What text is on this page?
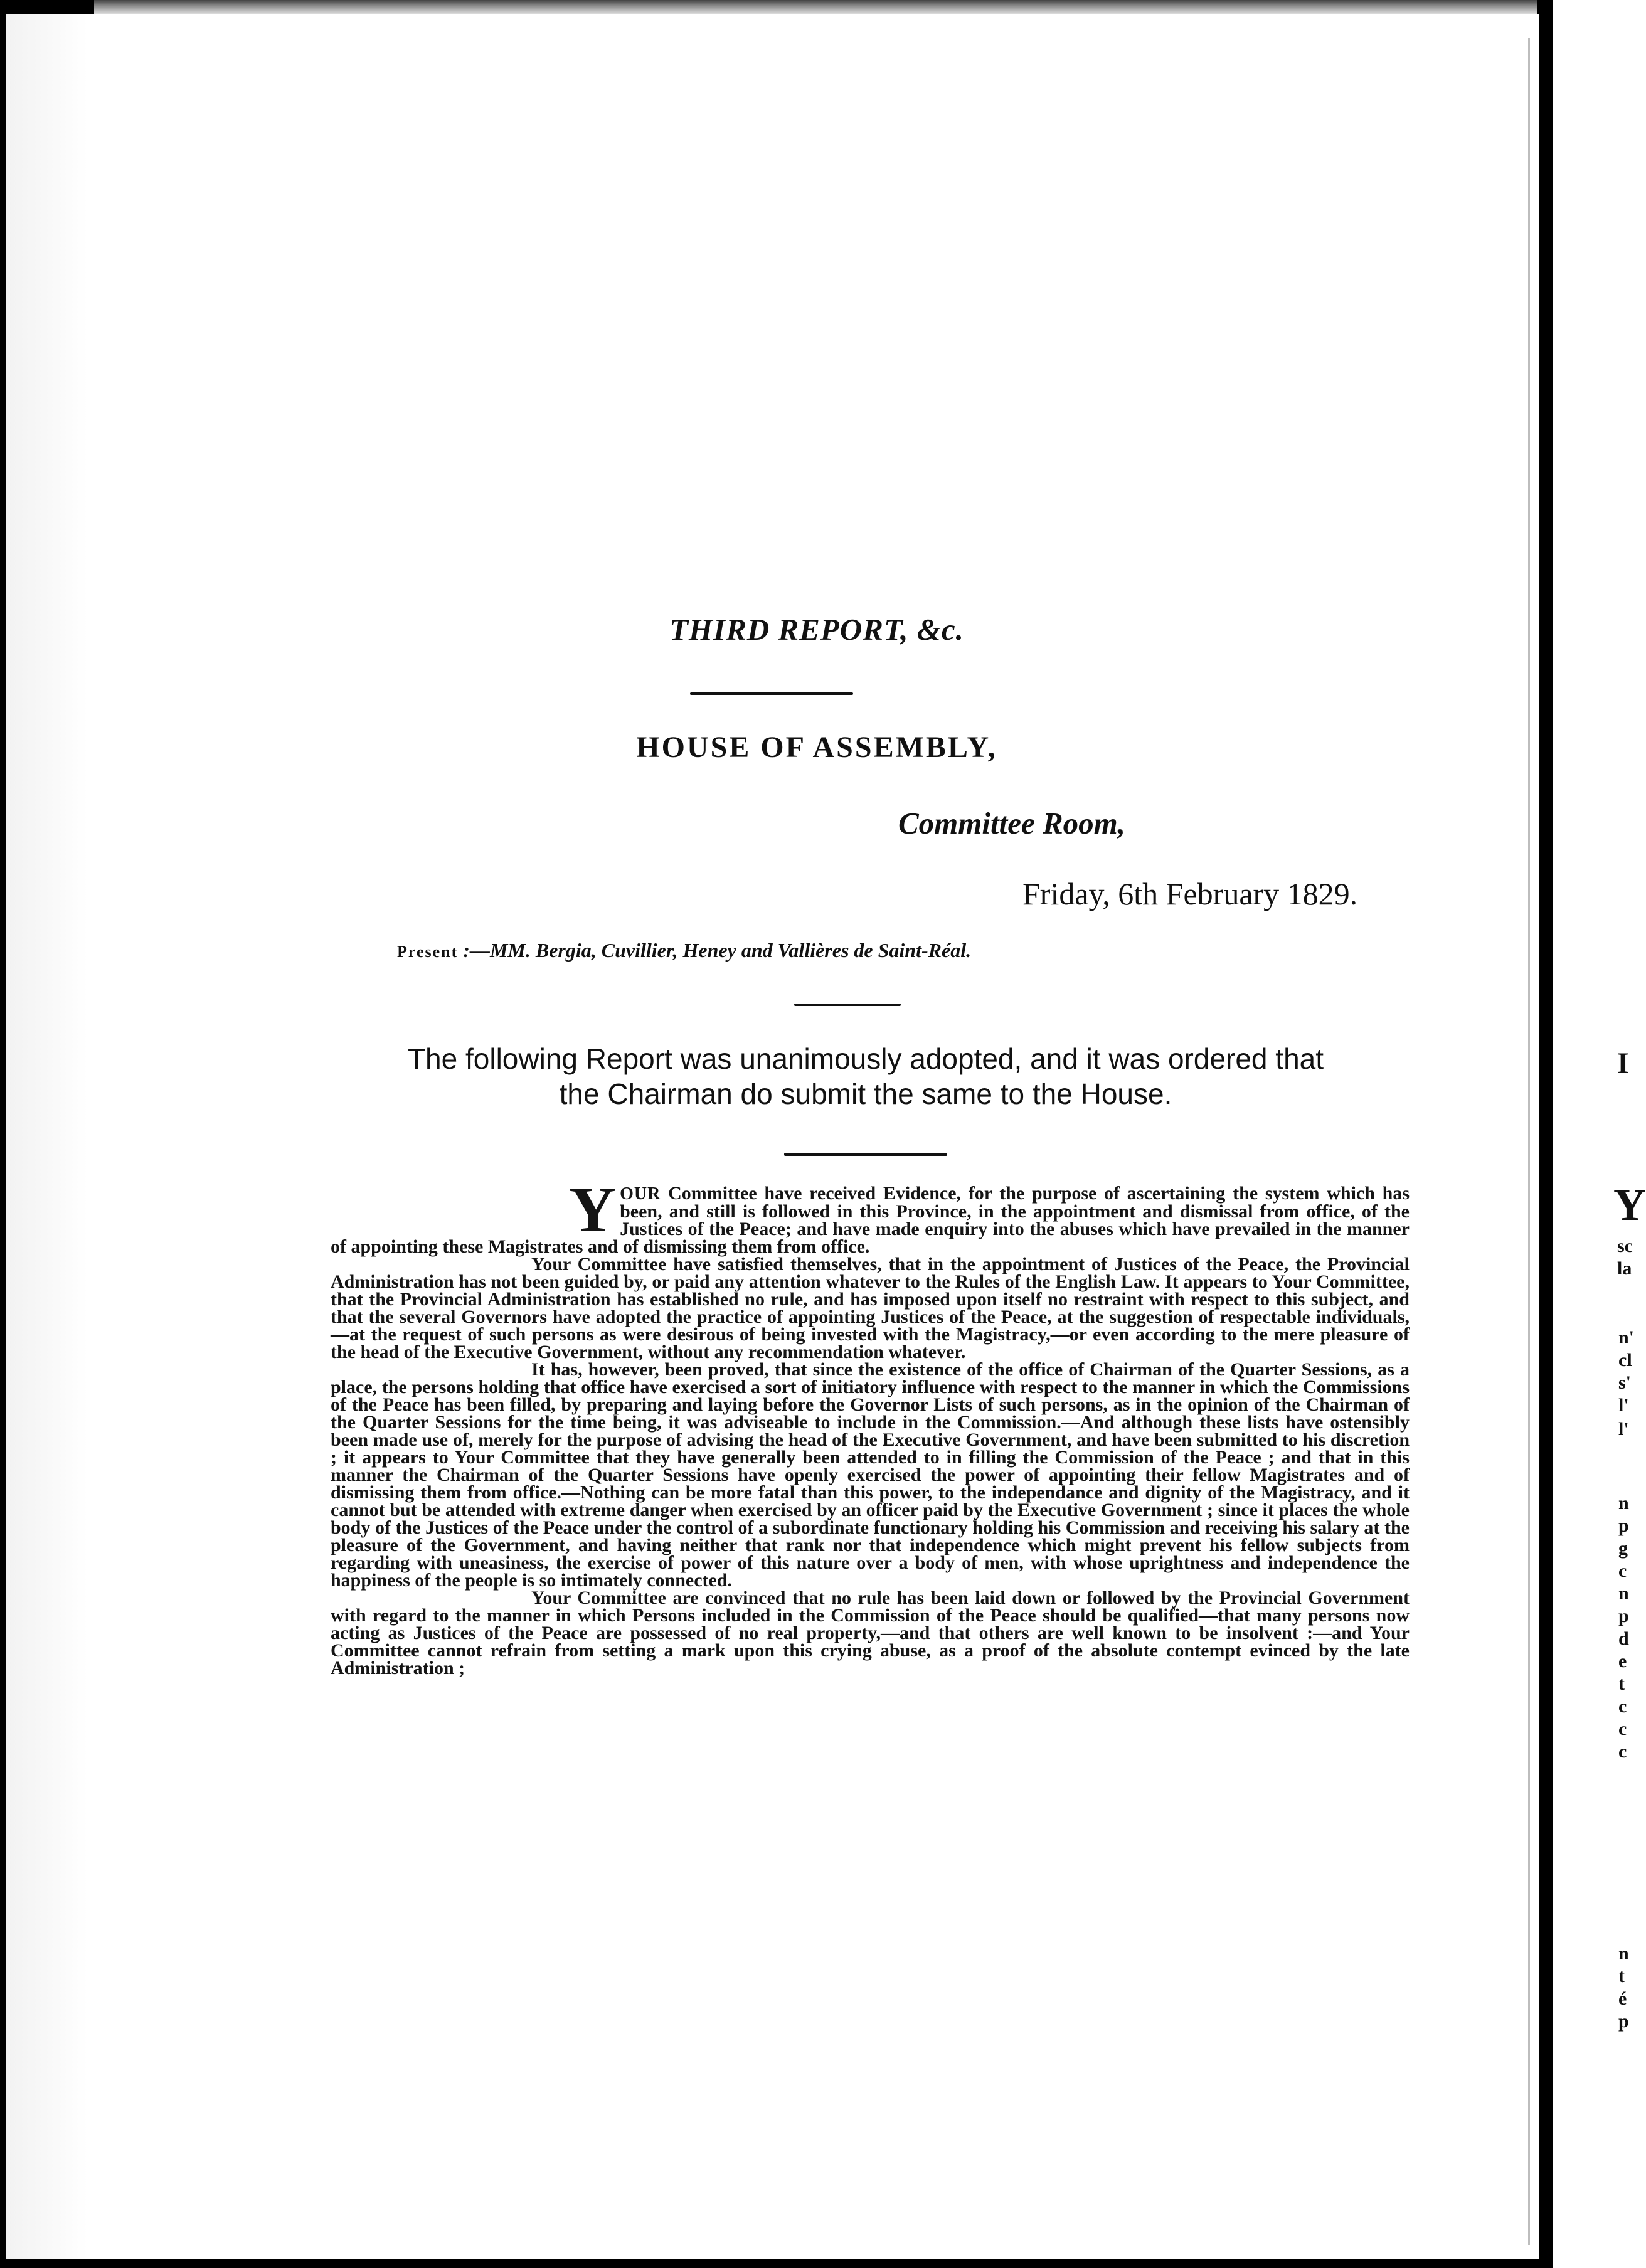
THIRD REPORT, &c.
HOUSE OF ASSEMBLY,
Committee Room,
Friday, 6th February 1829.
Present :—MM. Bergia, Cuvillier, Heney and Vallières de Saint-Réal.
The following Report was unanimously adopted, and it was ordered that
the Chairman do submit the same to the House.

YOUR Committee have received Evidence, for the purpose of ascertaining the system which has been, and still is followed in this Province, in the appointment and dismissal from office, of the Justices of the Peace; and have made enquiry into the abuses which have prevailed in the manner of appointing these Magistrates and of dismissing them from office.

Your Committee have satisfied themselves, that in the appointment of Justices of the Peace, the Provincial Administration has not been guided by, or paid any attention whatever to the Rules of the English Law. It appears to Your Committee, that the Provincial Administration has established no rule, and has imposed upon itself no restraint with respect to this subject, and that the several Governors have adopted the practice of appointing Justices of the Peace, at the suggestion of respectable individuals,—at the request of such persons as were desirous of being invested with the Magistracy,—or even according to the mere pleasure of the head of the Executive Government, without any recommendation whatever.

It has, however, been proved, that since the existence of the office of Chairman of the Quarter Sessions, as a place, the persons holding that office have exercised a sort of initiatory influence with respect to the manner in which the Commissions of the Peace has been filled, by preparing and laying before the Governor Lists of such persons, as in the opinion of the Chairman of the Quarter Sessions for the time being, it was adviseable to include in the Commission.—And although these lists have ostensibly been made use of, merely for the purpose of advising the head of the Executive Government, and have been submitted to his discretion ; it appears to Your Committee that they have generally been attended to in filling the Commission of the Peace ; and that in this manner the Chairman of the Quarter Sessions have openly exercised the power of appointing their fellow Magistrates and of dismissing them from office.—Nothing can be more fatal than this power, to the independance and dignity of the Magistracy, and it cannot but be attended with extreme danger when exercised by an officer paid by the Executive Government ; since it places the whole body of the Justices of the Peace under the control of a subordinate functionary holding his Commission and receiving his salary at the pleasure of the Government, and having neither that rank nor that independence which might prevent his fellow subjects from regarding with uneasiness, the exercise of power of this nature over a body of men, with whose uprightness and independence the happiness of the people is so intimately connected.

Your Committee are convinced that no rule has been laid down or followed by the Provincial Government with regard to the manner in which Persons included in the Commission of the Peace should be qualified—that many persons now acting as Justices of the Peace are possessed of no real property,—and that others are well known to be insolvent :—and Your Committee cannot refrain from setting a mark upon this crying abuse, as a proof of the absolute contempt evinced by the late Administration ;

I
Y
sc
la
n'
cl
s'
l'
l'
n
p
g
c
n
p
d
e
t
c
c
c
n
t
é
p
